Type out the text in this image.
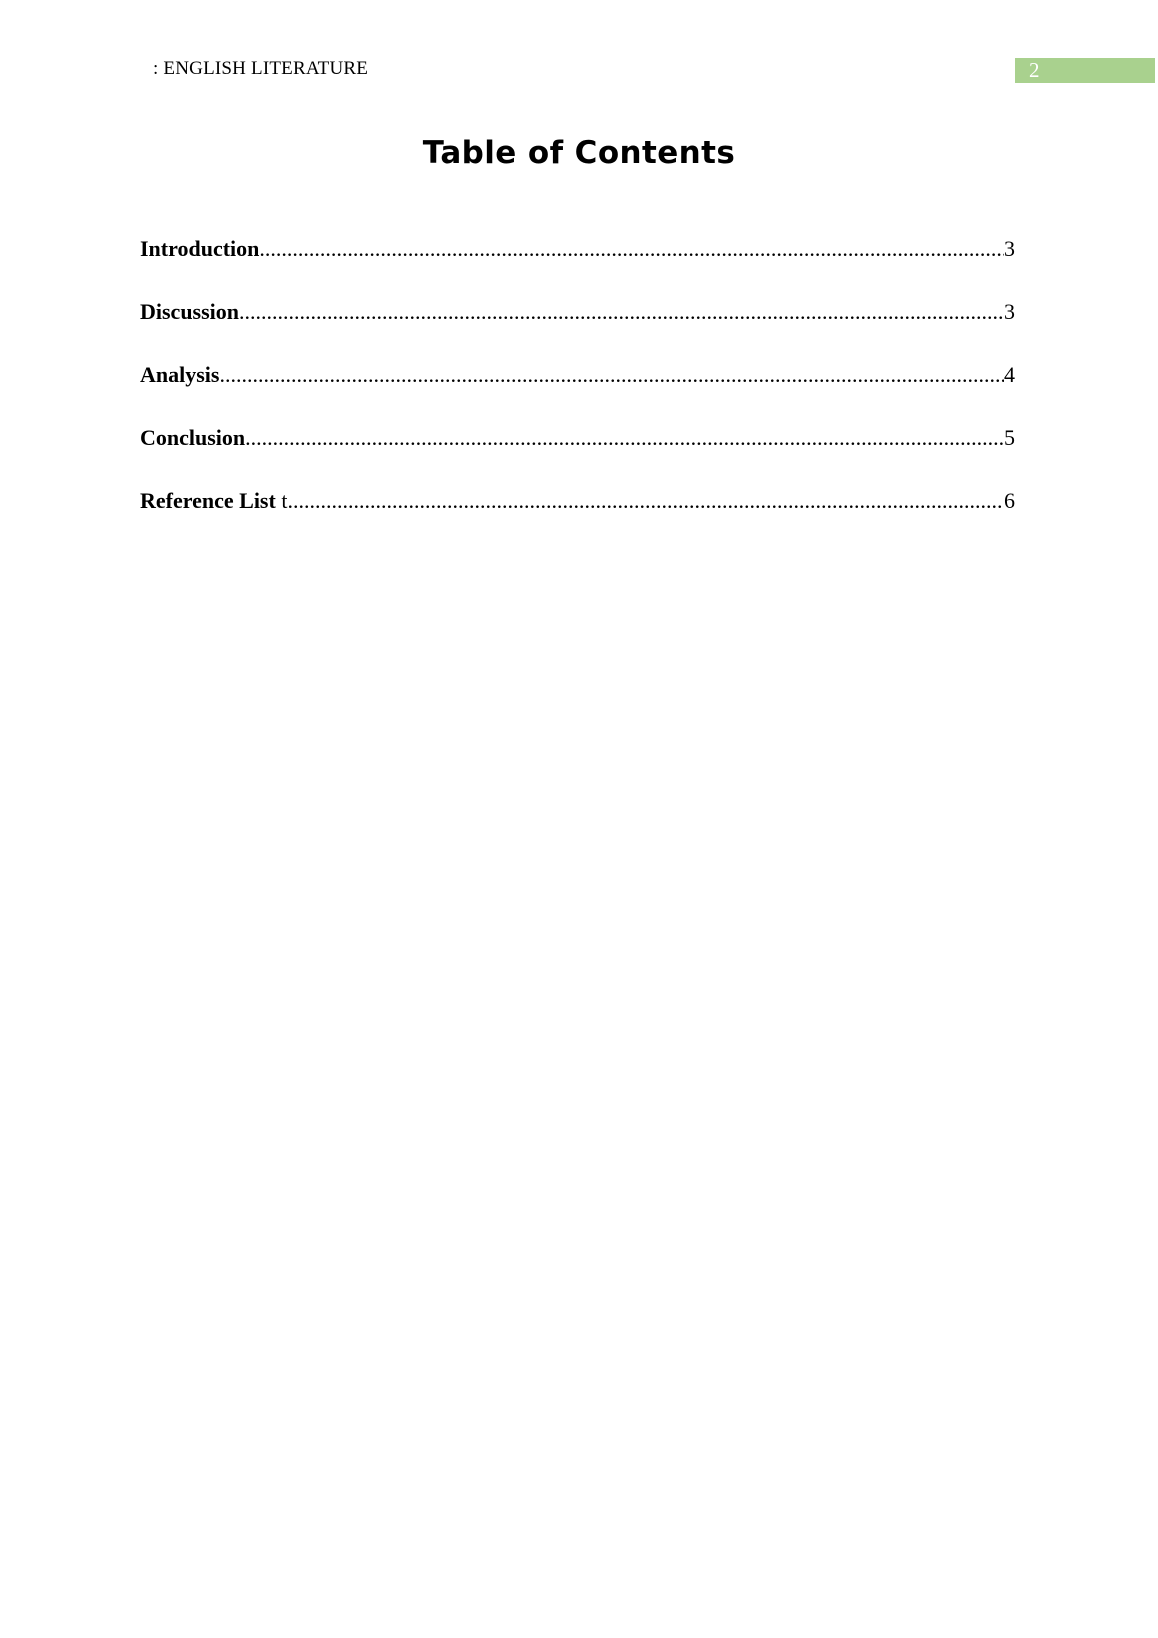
: ENGLISH LITERATURE	2
Table of Contents
Introduction .....	3
Discussion .....	3
Analysis .....	4
Conclusion .....	5
Reference List t .....	6
